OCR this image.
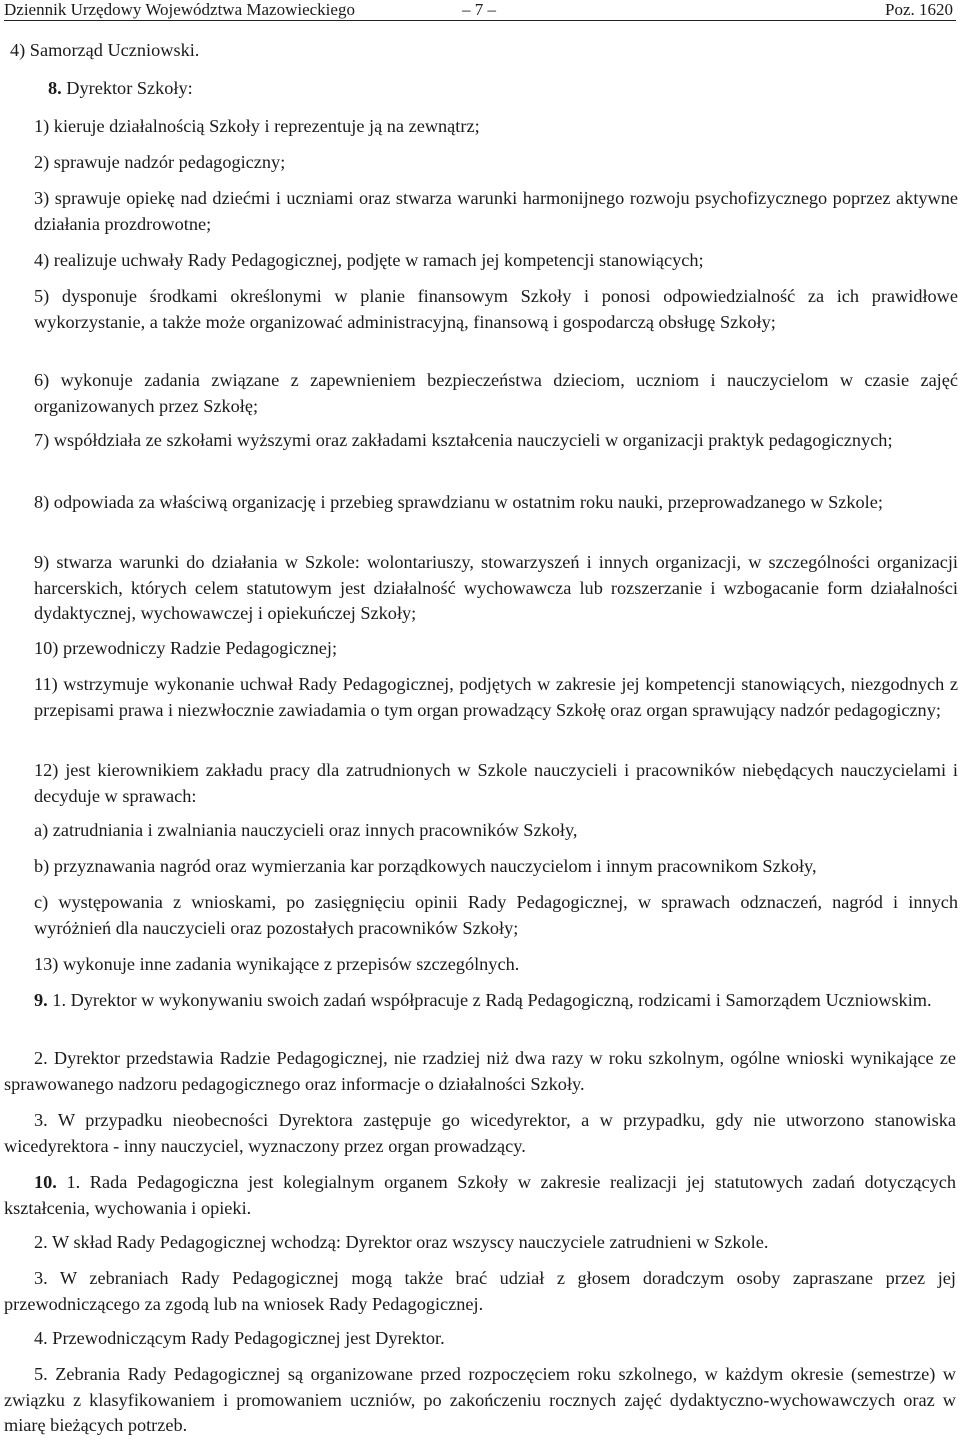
Dziennik Urzędowy Województwa Mazowieckiego	– 7 –	Poz. 1620

4) Samorząd Uczniowski.

8. Dyrektor Szkoły:

1) kieruje działalnością Szkoły i reprezentuje ją na zewnątrz;

2) sprawuje nadzór pedagogiczny;

3) sprawuje opiekę nad dziećmi i uczniami oraz stwarza warunki harmonijnego rozwoju psychofizycznego poprzez aktywne działania prozdrowotne;

4) realizuje uchwały Rady Pedagogicznej, podjęte w ramach jej kompetencji stanowiących;

5) dysponuje środkami określonymi w planie finansowym Szkoły i ponosi odpowiedzialność za ich prawidłowe wykorzystanie, a także może organizować administracyjną, finansową i gospodarczą obsługę Szkoły;

6) wykonuje zadania związane z zapewnieniem bezpieczeństwa dzieciom, uczniom i nauczycielom w czasie zajęć organizowanych przez Szkołę;

7) współdziała ze szkołami wyższymi oraz zakładami kształcenia nauczycieli w organizacji praktyk pedagogicznych;

8) odpowiada za właściwą organizację i przebieg sprawdzianu w ostatnim roku nauki, przeprowadzanego w Szkole;

9) stwarza warunki do działania w Szkole: wolontariuszy, stowarzyszeń i innych organizacji, w szczególności organizacji harcerskich, których celem statutowym jest działalność wychowawcza lub rozszerzanie i wzbogacanie form działalności dydaktycznej, wychowawczej i opiekuńczej Szkoły;

10) przewodniczy Radzie Pedagogicznej;

11) wstrzymuje wykonanie uchwał Rady Pedagogicznej, podjętych w zakresie jej kompetencji stanowiących, niezgodnych z przepisami prawa i niezwłocznie zawiadamia o tym organ prowadzący Szkołę oraz organ sprawujący nadzór pedagogiczny;

12) jest kierownikiem zakładu pracy dla zatrudnionych w Szkole nauczycieli i pracowników niebędących nauczycielami i decyduje w sprawach:

a) zatrudniania i zwalniania nauczycieli oraz innych pracowników Szkoły,

b) przyznawania nagród oraz wymierzania kar porządkowych nauczycielom i innym pracownikom Szkoły,

c) występowania z wnioskami, po zasięgnięciu opinii Rady Pedagogicznej, w sprawach odznaczeń, nagród i innych wyróżnień dla nauczycieli oraz pozostałych pracowników Szkoły;

13) wykonuje inne zadania wynikające z przepisów szczególnych.

9. 1. Dyrektor w wykonywaniu swoich zadań współpracuje z Radą Pedagogiczną, rodzicami i Samorządem Uczniowskim.

2. Dyrektor przedstawia Radzie Pedagogicznej, nie rzadziej niż dwa razy w roku szkolnym, ogólne wnioski wynikające ze sprawowanego nadzoru pedagogicznego oraz informacje o działalności Szkoły.

3. W przypadku nieobecności Dyrektora zastępuje go wicedyrektor, a w przypadku, gdy nie utworzono stanowiska wicedyrektora - inny nauczyciel, wyznaczony przez organ prowadzący.

10. 1. Rada Pedagogiczna jest kolegialnym organem Szkoły w zakresie realizacji jej statutowych zadań dotyczących kształcenia, wychowania i opieki.

2. W skład Rady Pedagogicznej wchodzą: Dyrektor oraz wszyscy nauczyciele zatrudnieni w Szkole.

3. W zebraniach Rady Pedagogicznej mogą także brać udział z głosem doradczym osoby zapraszane przez jej przewodniczącego za zgodą lub na wniosek Rady Pedagogicznej.

4. Przewodniczącym Rady Pedagogicznej jest Dyrektor.

5. Zebrania Rady Pedagogicznej są organizowane przed rozpoczęciem roku szkolnego, w każdym okresie (semestrze) w związku z klasyfikowaniem i promowaniem uczniów, po zakończeniu rocznych zajęć dydaktyczno-wychowawczych oraz w miarę bieżących potrzeb.
